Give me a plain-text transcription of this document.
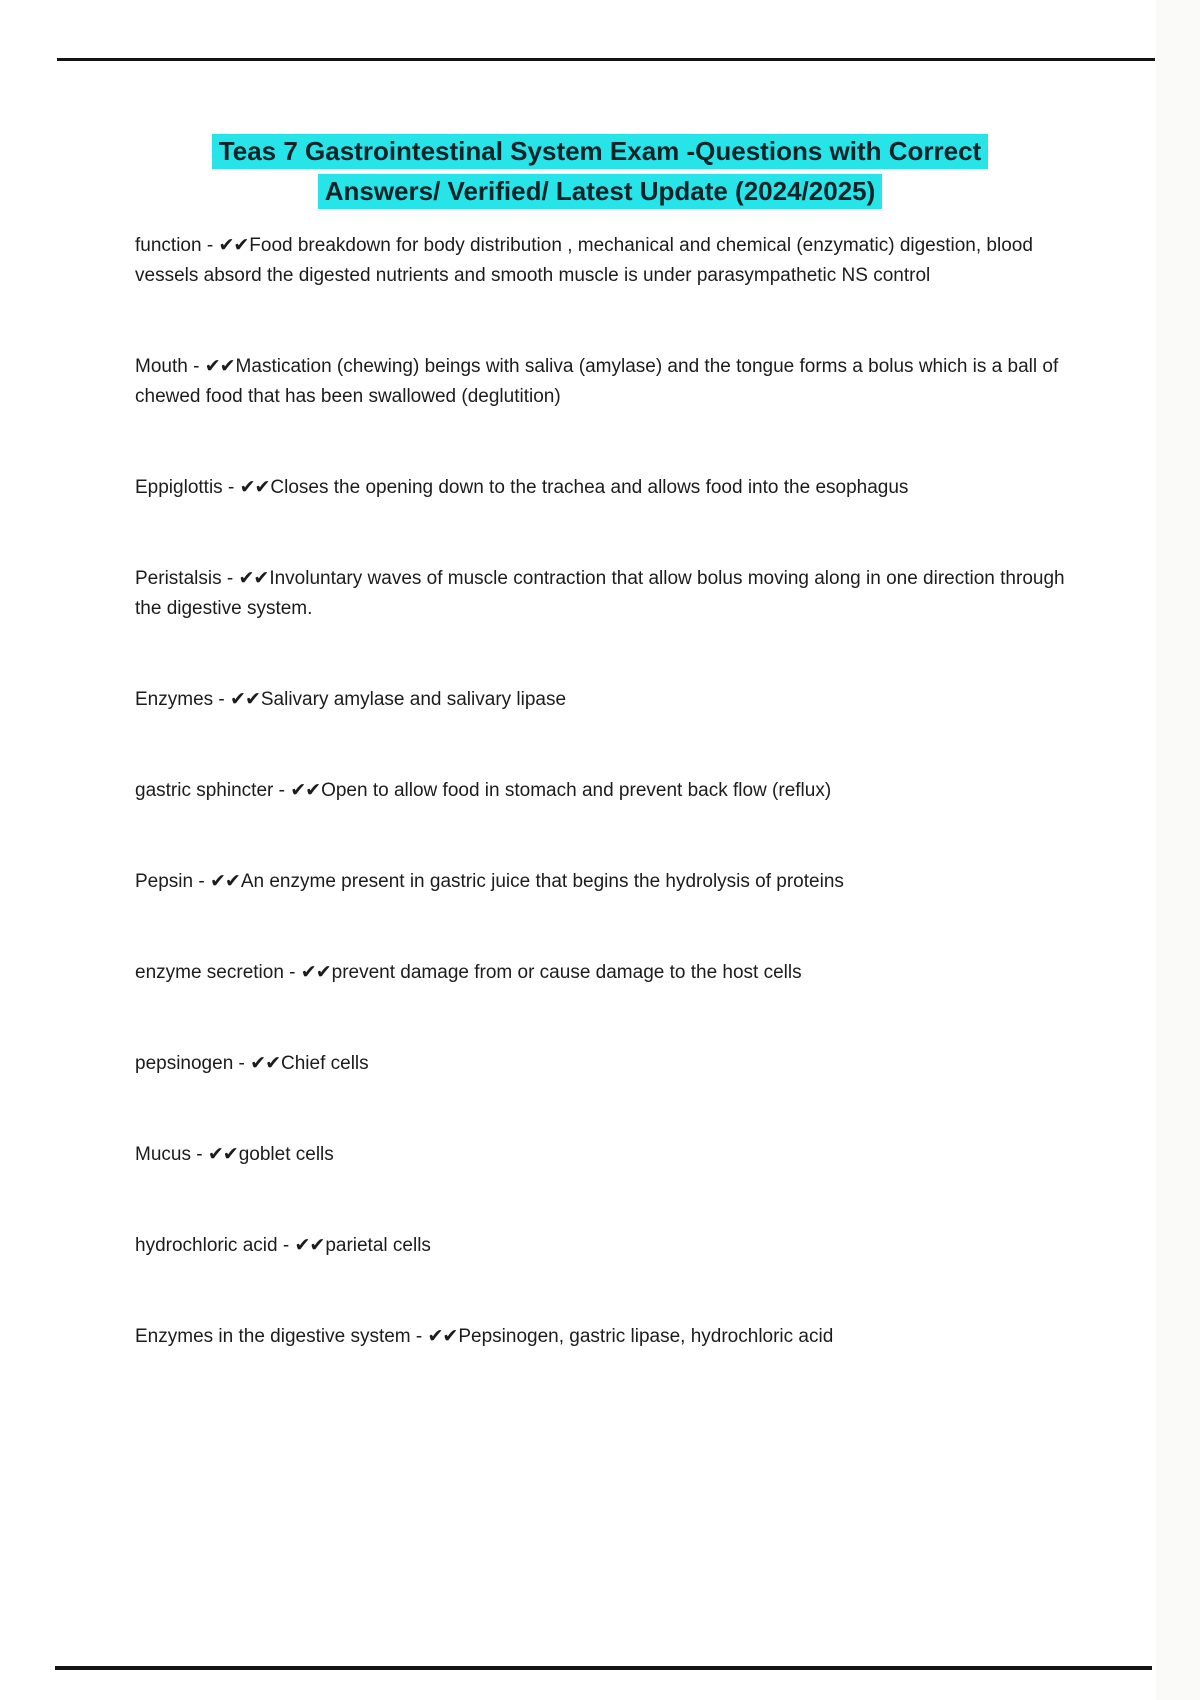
Teas 7 Gastrointestinal System Exam -Questions with Correct
Answers/ Verified/ Latest Update (2024/2025)

function - ✔✔Food breakdown for body distribution , mechanical and chemical (enzymatic) digestion, blood vessels absord the digested nutrients and smooth muscle is under parasympathetic NS control

Mouth - ✔✔Mastication (chewing) beings with saliva (amylase) and the tongue forms a bolus which is a ball of chewed food that has been swallowed (deglutition)

Eppiglottis - ✔✔Closes the opening down to the trachea and allows food into the esophagus

Peristalsis - ✔✔Involuntary waves of muscle contraction that allow bolus moving along in one direction through the digestive system.

Enzymes - ✔✔Salivary amylase and salivary lipase

gastric sphincter - ✔✔Open to allow food in stomach and prevent back flow (reflux)

Pepsin - ✔✔An enzyme present in gastric juice that begins the hydrolysis of proteins

enzyme secretion - ✔✔prevent damage from or cause damage to the host cells

pepsinogen - ✔✔Chief cells

Mucus - ✔✔goblet cells

hydrochloric acid - ✔✔parietal cells

Enzymes in the digestive system - ✔✔Pepsinogen, gastric lipase, hydrochloric acid
